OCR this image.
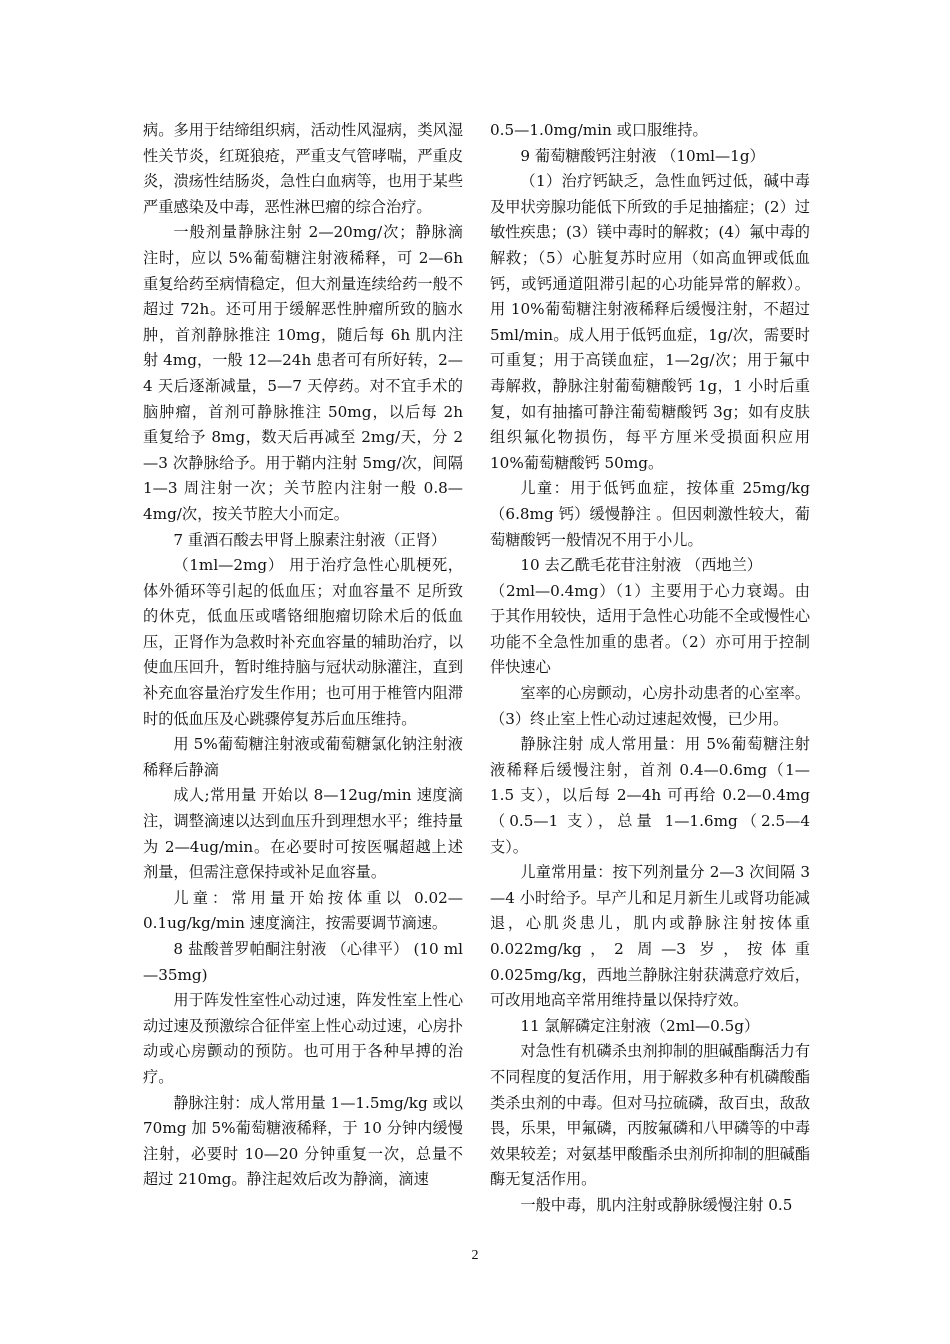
病。多用于结缔组织病，活动性风湿病，类风湿性关节炎，红斑狼疮，严重支气管哮喘，严重皮炎，溃疡性结肠炎，急性白血病等，也用于某些严重感染及中毒，恶性淋巴瘤的综合治疗。

一般剂量静脉注射 2—20mg/次；静脉滴注时，应以 5%葡萄糖注射液稀释，可 2—6h 重复给药至病情稳定，但大剂量连续给药一般不超过 72h。还可用于缓解恶性肿瘤所致的脑水肿，首剂静脉推注 10mg，随后每 6h 肌内注射 4mg，一般 12—24h 患者可有所好转，2—4 天后逐渐减量，5—7 天停药。对不宜手术的脑肿瘤，首剂可静脉推注 50mg，以后每 2h 重复给予 8mg，数天后再减至 2mg/天，分 2—3 次静脉给予。用于鞘内注射 5mg/次，间隔 1—3 周注射一次；关节腔内注射一般 0.8—4mg/次，按关节腔大小而定。

7 重酒石酸去甲肾上腺素注射液（正肾）

（1ml—2mg） 用于治疗急性心肌梗死，体外循环等引起的低血压；对血容量不 足所致的休克，低血压或嗜铬细胞瘤切除术后的低血压，正肾作为急救时补充血容量的辅助治疗，以使血压回升，暂时维持脑与冠状动脉灌注，直到补充血容量治疗发生作用；也可用于椎管内阻滞时的低血压及心跳骤停复苏后血压维持。

用 5%葡萄糖注射液或葡萄糖氯化钠注射液稀释后静滴

成人;常用量 开始以 8—12ug/min 速度滴注，调整滴速以达到血压升到理想水平；维持量为 2—4ug/min。在必要时可按医嘱超越上述剂量，但需注意保持或补足血容量。

儿童：常用量开始按体重以 0.02—0.1ug/kg/min 速度滴注，按需要调节滴速。

8 盐酸普罗帕酮注射液 （心律平） (10 ml—35mg)

用于阵发性室性心动过速，阵发性室上性心动过速及预激综合征伴室上性心动过速，心房扑动或心房颤动的预防。也可用于各种早搏的治疗。

静脉注射：成人常用量 1—1.5mg/kg 或以 70mg 加 5%葡萄糖液稀释，于 10 分钟内缓慢注射，必要时 10—20 分钟重复一次，总量不超过 210mg。静注起效后改为静滴，滴速

0.5—1.0mg/min 或口服维持。

9 葡萄糖酸钙注射液 （10ml—1g）

（1）治疗钙缺乏，急性血钙过低，碱中毒及甲状旁腺功能低下所致的手足抽搐症；(2）过敏性疾患；(3）镁中毒时的解救；(4）氟中毒的解救；（5）心脏复苏时应用（如高血钾或低血钙，或钙通道阻滞引起的心功能异常的解救）。用 10%葡萄糖注射液稀释后缓慢注射，不超过 5ml/min。成人用于低钙血症，1g/次，需要时可重复；用于高镁血症，1—2g/次；用于氟中毒解救，静脉注射葡萄糖酸钙 1g，1 小时后重复，如有抽搐可静注葡萄糖酸钙 3g；如有皮肤组织氟化物损伤，每平方厘米受损面积应用 10%葡萄糖酸钙 50mg。

儿童：用于低钙血症，按体重 25mg/kg（6.8mg 钙）缓慢静注 。但因刺激性较大，葡萄糖酸钙一般情况不用于小儿。

10 去乙酰毛花苷注射液 （西地兰）

（2ml—0.4mg）（1）主要用于心力衰竭。由于其作用较快，适用于急性心功能不全或慢性心功能不全急性加重的患者。（2）亦可用于控制伴快速心

室率的心房颤动，心房扑动患者的心室率。（3）终止室上性心动过速起效慢，已少用。

静脉注射 成人常用量：用 5%葡萄糖注射液稀释后缓慢注射，首剂 0.4—0.6mg（1—1.5 支），以后每 2—4h 可再给 0.2—0.4mg（0.5—1 支），总量 1—1.6mg（2.5—4 支）。

儿童常用量：按下列剂量分 2—3 次间隔 3—4 小时给予。早产儿和足月新生儿或肾功能减退，心肌炎患儿，肌内或静脉注射按体重 0.022mg/kg，2 周—3 岁，按体重 0.025mg/kg，西地兰静脉注射获满意疗效后，可改用地高辛常用维持量以保持疗效。

11 氯解磷定注射液（2ml—0.5g）

对急性有机磷杀虫剂抑制的胆碱酯酶活力有不同程度的复活作用，用于解救多种有机磷酸酯类杀虫剂的中毒。但对马拉硫磷，敌百虫，敌敌畏，乐果，甲氟磷，丙胺氟磷和八甲磷等的中毒效果较差；对氨基甲酸酯杀虫剂所抑制的胆碱酯酶无复活作用。

一般中毒，肌内注射或静脉缓慢注射 0.5

2
